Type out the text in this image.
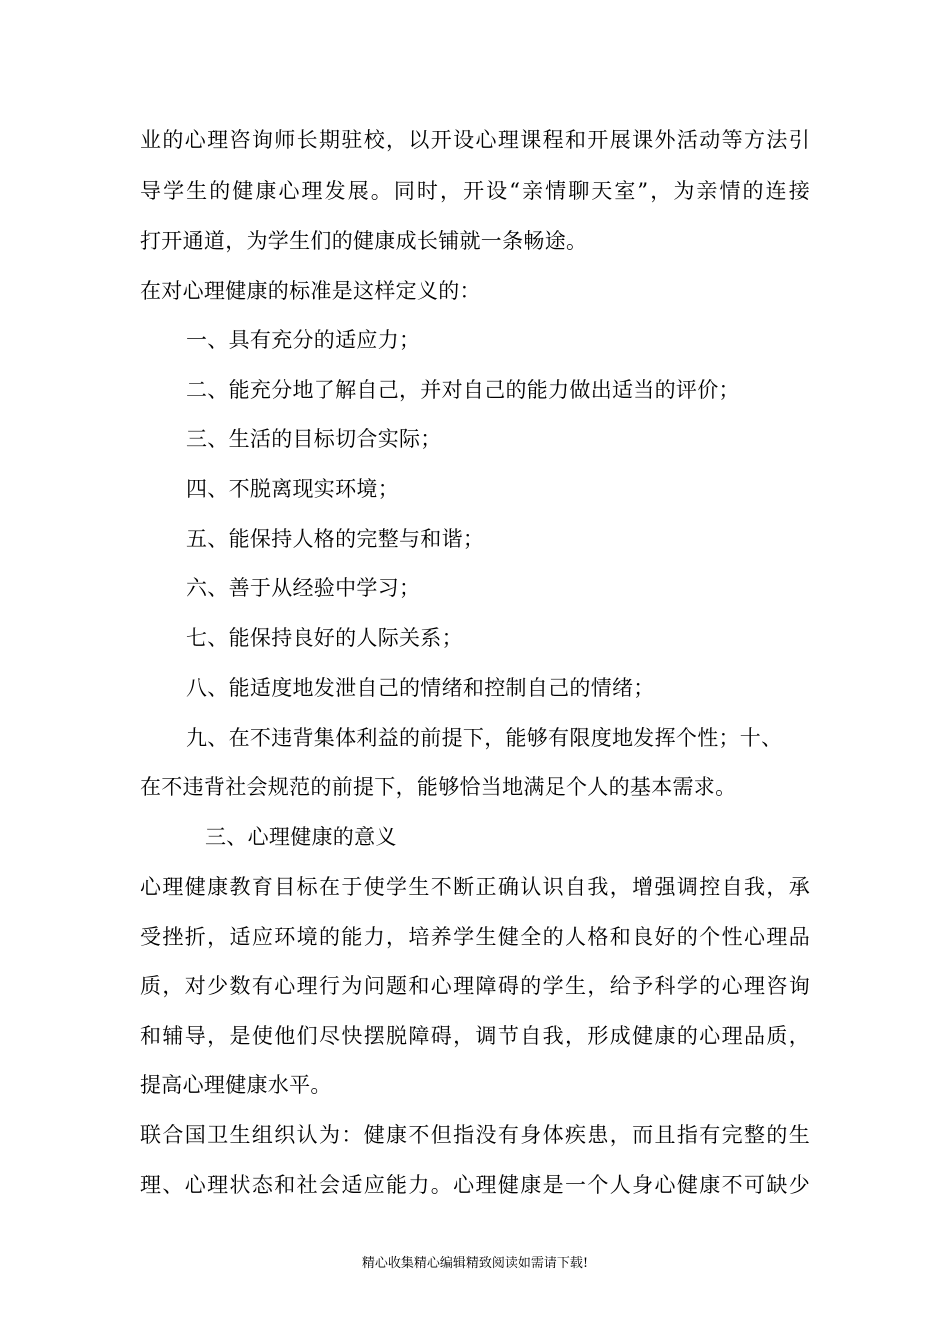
业的心理咨询师长期驻校，以开设心理课程和开展课外活动等方法引
导学生的健康心理发展。同时，开设“亲情聊天室”，为亲情的连接
打开通道，为学生们的健康成长铺就一条畅途。
在对心理健康的标准是这样定义的：
一、具有充分的适应力；
二、能充分地了解自己，并对自己的能力做出适当的评价；
三、生活的目标切合实际；
四、不脱离现实环境；
五、能保持人格的完整与和谐；
六、善于从经验中学习；
七、能保持良好的人际关系；
八、能适度地发泄自己的情绪和控制自己的情绪；
九、在不违背集体利益的前提下，能够有限度地发挥个性；十、
在不违背社会规范的前提下，能够恰当地满足个人的基本需求。
三、心理健康的意义
心理健康教育目标在于使学生不断正确认识自我，增强调控自我，承
受挫折，适应环境的能力，培养学生健全的人格和良好的个性心理品
质，对少数有心理行为问题和心理障碍的学生，给予科学的心理咨询
和辅导，是使他们尽快摆脱障碍，调节自我，形成健康的心理品质，
提高心理健康水平。
联合国卫生组织认为：健康不但指没有身体疾患，而且指有完整的生
理、心理状态和社会适应能力。心理健康是一个人身心健康不可缺少
精心收集精心编辑精致阅读如需请下载!
